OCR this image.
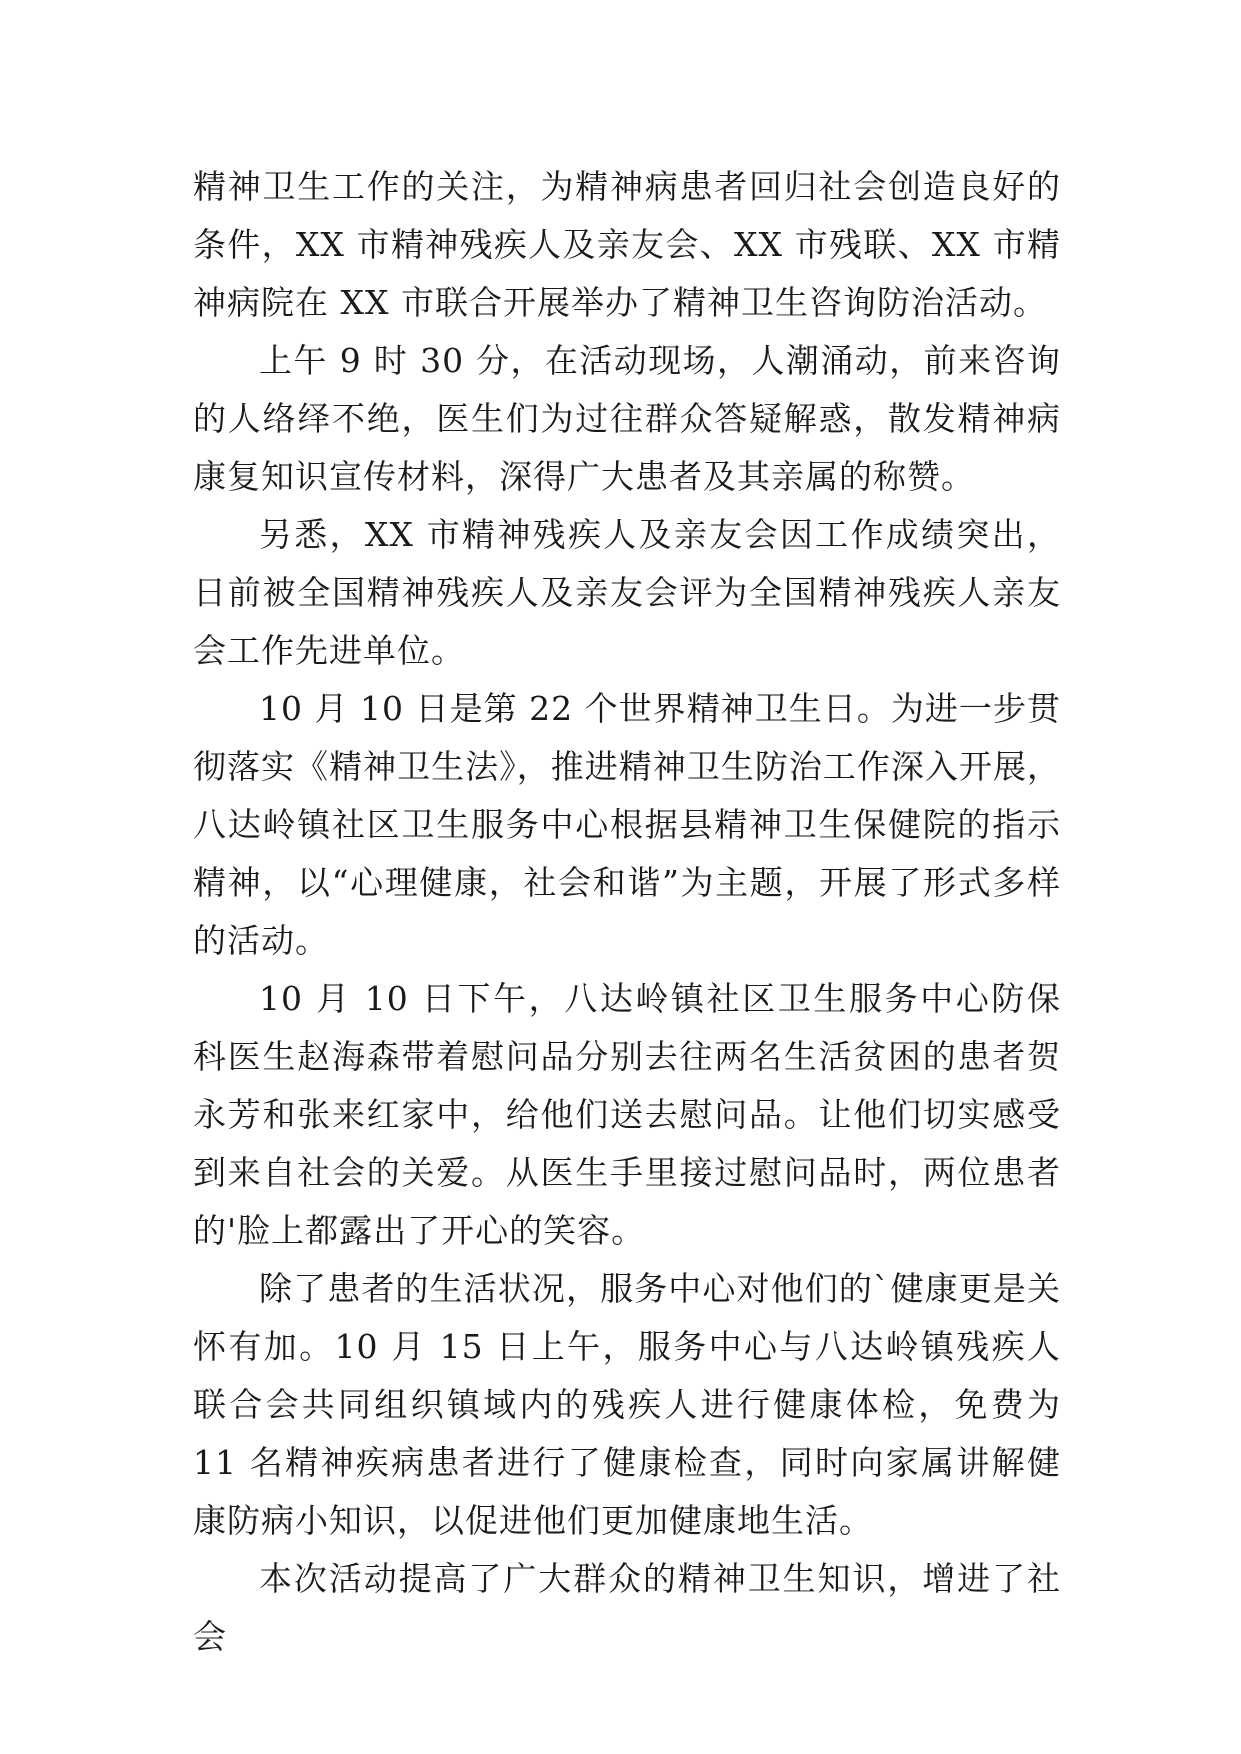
精神卫生工作的关注，为精神病患者回归社会创造良好的条件，XX 市精神残疾人及亲友会、XX 市残联、XX 市精神病院在 XX 市联合开展举办了精神卫生咨询防治活动。

上午 9 时 30 分，在活动现场，人潮涌动，前来咨询的人络绎不绝，医生们为过往群众答疑解惑，散发精神病康复知识宣传材料，深得广大患者及其亲属的称赞。

另悉，XX 市精神残疾人及亲友会因工作成绩突出，日前被全国精神残疾人及亲友会评为全国精神残疾人亲友会工作先进单位。

10 月 10 日是第 22 个世界精神卫生日。为进一步贯彻落实《精神卫生法》，推进精神卫生防治工作深入开展，八达岭镇社区卫生服务中心根据县精神卫生保健院的指示精神，以“心理健康，社会和谐”为主题，开展了形式多样的活动。

10 月 10 日下午，八达岭镇社区卫生服务中心防保科医生赵海森带着慰问品分别去往两名生活贫困的患者贺永芳和张来红家中，给他们送去慰问品。让他们切实感受到来自社会的关爱。从医生手里接过慰问品时，两位患者的'脸上都露出了开心的笑容。

除了患者的生活状况，服务中心对他们的`健康更是关怀有加。10 月 15 日上午，服务中心与八达岭镇残疾人联合会共同组织镇域内的残疾人进行健康体检，免费为 11 名精神疾病患者进行了健康检查，同时向家属讲解健康防病小知识，以促进他们更加健康地生活。

本次活动提高了广大群众的精神卫生知识，增进了社会
